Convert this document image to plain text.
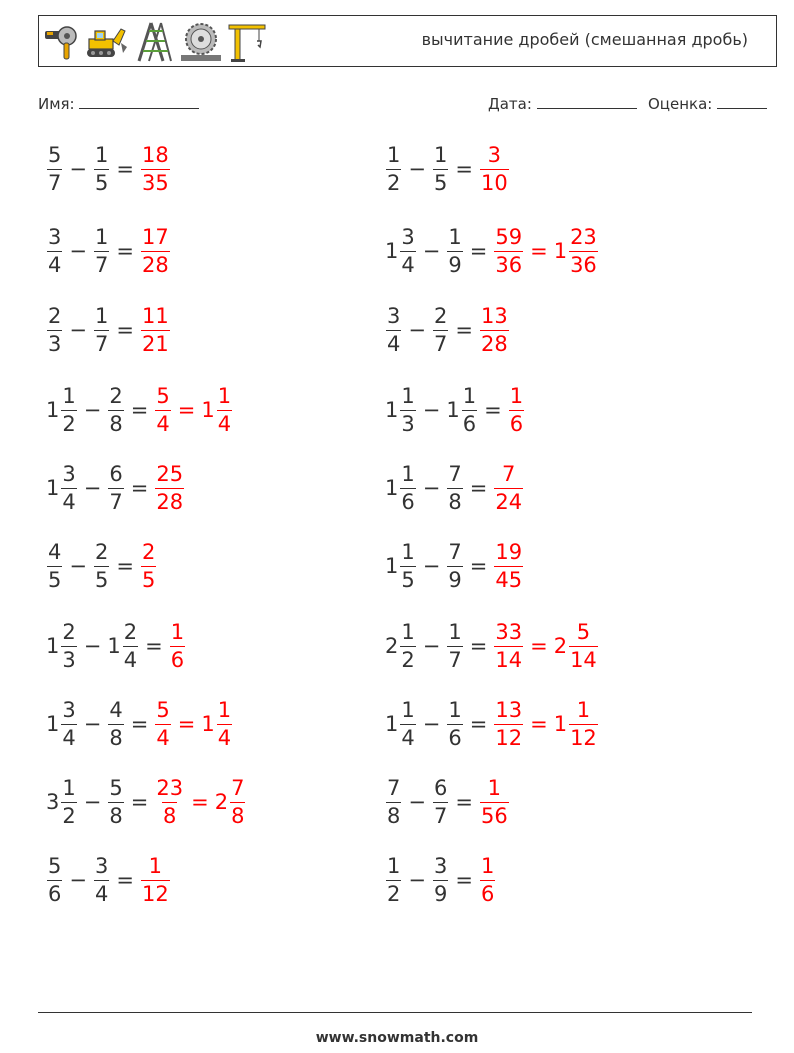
вычитание дробей (смешанная дробь)
Имя:	Дата:	Оценка:
$\frac{5}{7} - \frac{1}{5} = \frac{18}{35}$	$\frac{1}{2} - \frac{1}{5} = \frac{3}{10}$
$\frac{3}{4} - \frac{1}{7} = \frac{17}{28}$	$1 \frac{3}{4} - \frac{1}{9} = \frac{59}{36} = 1 \frac{23}{36}$
$\frac{2}{3} - \frac{1}{7} = \frac{11}{21}$	$\frac{3}{4} - \frac{2}{7} = \frac{13}{28}$
$1 \frac{1}{2} - \frac{2}{8} = \frac{5}{4} = 1 \frac{1}{4}$	$1 \frac{1}{3} - 1 \frac{1}{6} = \frac{1}{6}$
$1 \frac{3}{4} - \frac{6}{7} = \frac{25}{28}$	$1 \frac{1}{6} - \frac{7}{8} = \frac{7}{24}$
$\frac{4}{5} - \frac{2}{5} = \frac{2}{5}$	$1 \frac{1}{5} - \frac{7}{9} = \frac{19}{45}$
$1 \frac{2}{3} - 1 \frac{2}{4} = \frac{1}{6}$	$2 \frac{1}{2} - \frac{1}{7} = \frac{33}{14} = 2 \frac{5}{14}$
$1 \frac{3}{4} - \frac{4}{8} = \frac{5}{4} = 1 \frac{1}{4}$	$1 \frac{1}{4} - \frac{1}{6} = \frac{13}{12} = 1 \frac{1}{12}$
$3 \frac{1}{2} - \frac{5}{8} = \frac{23}{8} = 2 \frac{7}{8}$	$\frac{7}{8} - \frac{6}{7} = \frac{1}{56}$
$\frac{5}{6} - \frac{3}{4} = \frac{1}{12}$	$\frac{1}{2} - \frac{3}{9} = \frac{1}{6}$
www.snowmath.com
